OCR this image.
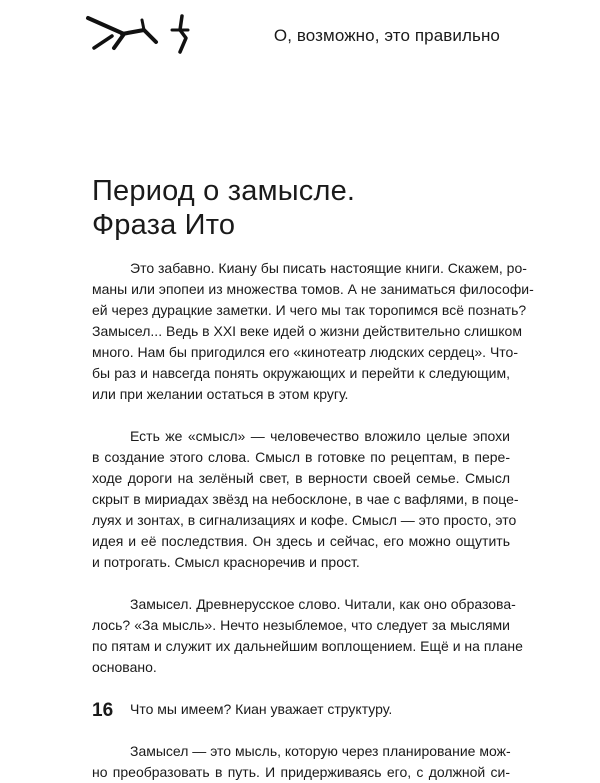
О, возможно, это правильно
Период о замысле.
Фраза Ито

Это забавно. Киану бы писать настоящие книги. Скажем, ро-
маны или эпопеи из множества томов. А не заниматься философи-
ей через дурацкие заметки. И чего мы так торопимся всё познать?
Замысел... Ведь в XXI веке идей о жизни действительно слишком
много. Нам бы пригодился его «кинотеатр людских сердец». Что-
бы раз и навсегда понять окружающих и перейти к следующим,
или при желании остаться в этом кругу.

Есть же «смысл» — человечество вложило целые эпохи
в создание этого слова. Смысл в готовке по рецептам, в пере-
ходе дороги на зелёный свет, в верности своей семье. Смысл
скрыт в мириадах звёзд на небосклоне, в чае с вафлями, в поце-
луях и зонтах, в сигнализациях и кофе. Смысл — это просто, это
идея и её последствия. Он здесь и сейчас, его можно ощутить
и потрогать. Смысл красноречив и прост.

Замысел. Древнерусское слово. Читали, как оно образова-
лось? «За мысль». Нечто незыблемое, что следует за мыслями
по пятам и служит их дальнейшим воплощением. Ещё и на плане
основано.

Что мы имеем? Киан уважает структуру.

Замысел — это мысль, которую через планирование мож-
но преобразовать в путь. И придерживаясь его, с должной си-

16
